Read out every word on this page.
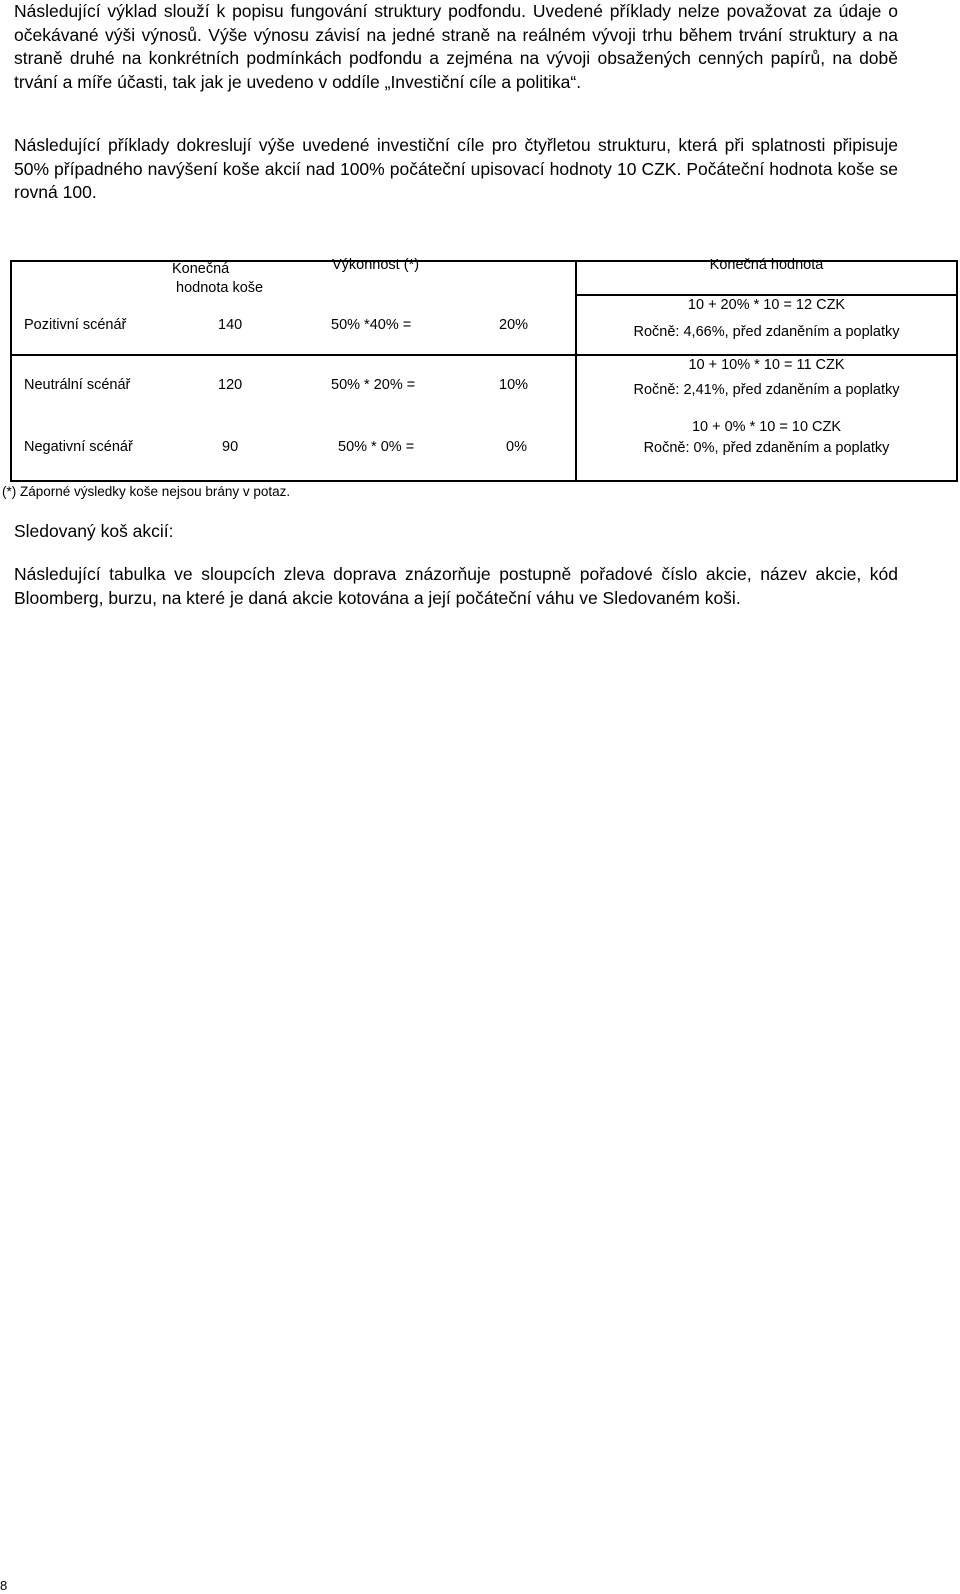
Následující výklad slouží k popisu fungování struktury podfondu. Uvedené příklady nelze považovat za údaje o očekávané výši výnosů. Výše výnosu závisí na jedné straně na reálném vývoji trhu během trvání struktury a na straně druhé na konkrétních podmínkách podfondu a zejména na vývoji obsažených cenných papírů, na době trvání a míře účasti, tak jak je uvedeno v oddíle „Investiční cíle a politika“.

Následující příklady dokreslují výše uvedené investiční cíle pro čtyřletou strukturu, která při splatnosti připisuje 50% případného navýšení koše akcií nad 100% počáteční upisovací hodnoty 10 CZK. Počáteční hodnota koše se rovná 100.

Konečná
hodnota koše
Výkonnost (*)	Konečná hodnota
Pozitivní scénář	140	50% *40% =	20%
10 + 20% * 10 = 12 CZK
Ročně: 4,66%, před zdaněním a poplatky
Neutrální scénář	120	50% * 20% =	10%
10 + 10% * 10 = 11 CZK
Ročně: 2,41%, před zdaněním a poplatky
Negativní scénář	90	50% * 0% =	0%
10 + 0% * 10 = 10 CZK
Ročně: 0%, před zdaněním a poplatky
(*) Záporné výsledky koše nejsou brány v potaz.
Sledovaný koš akcií:

Následující tabulka ve sloupcích zleva doprava znázorňuje postupně pořadové číslo akcie, název akcie, kód Bloomberg, burzu, na které je daná akcie kotována a její počáteční váhu ve Sledovaném koši.

8
